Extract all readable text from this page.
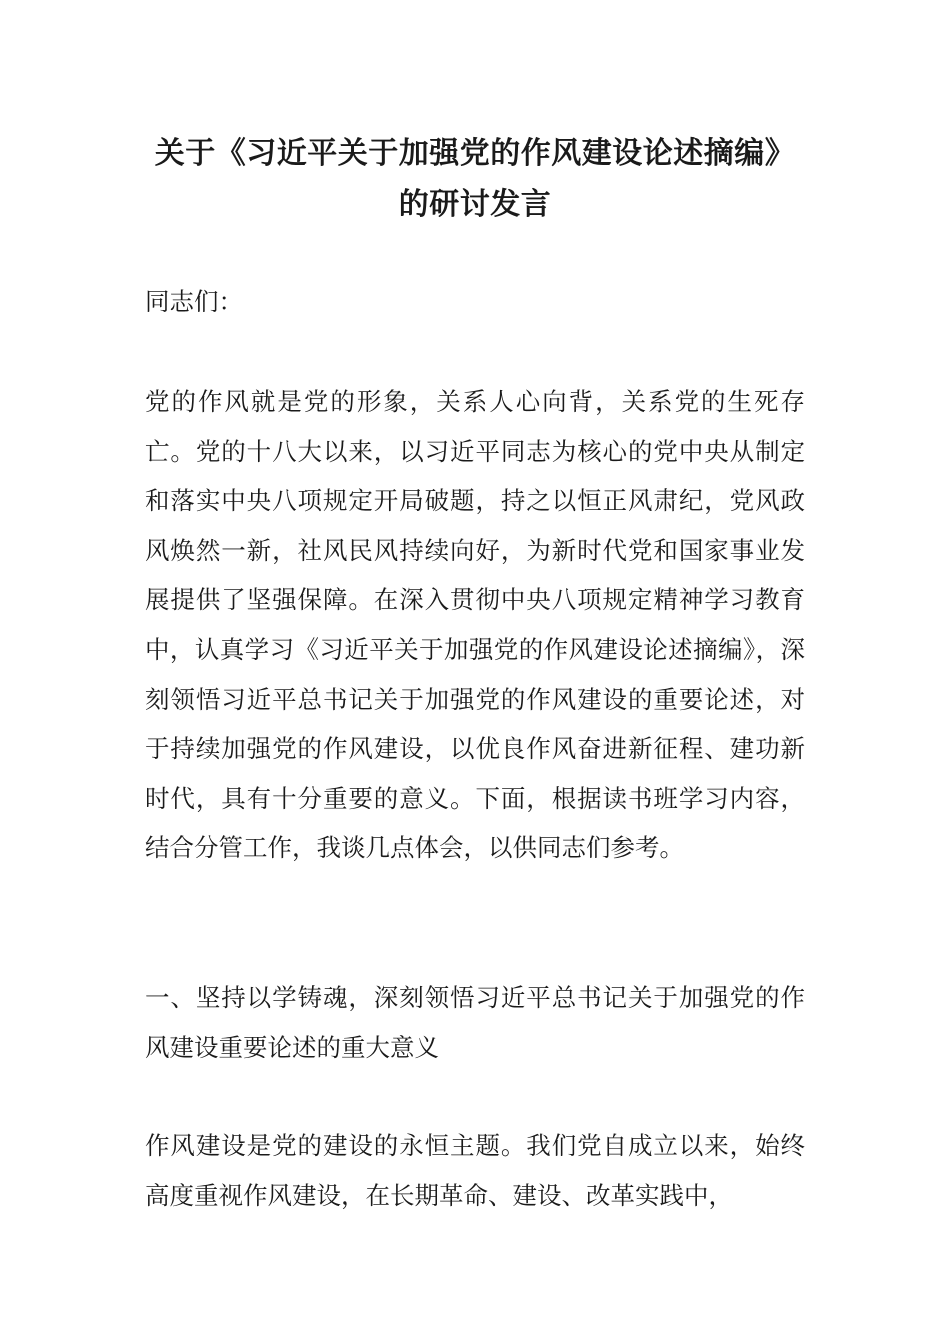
关于《习近平关于加强党的作风建设论述摘编》的研讨发言

同志们：

党的作风就是党的形象，关系人心向背，关系党的生死存亡。党的十八大以来，以习近平同志为核心的党中央从制定和落实中央八项规定开局破题，持之以恒正风肃纪，党风政风焕然一新，社风民风持续向好，为新时代党和国家事业发展提供了坚强保障。在深入贯彻中央八项规定精神学习教育中，认真学习《习近平关于加强党的作风建设论述摘编》，深刻领悟习近平总书记关于加强党的作风建设的重要论述，对于持续加强党的作风建设，以优良作风奋进新征程、建功新时代，具有十分重要的意义。下面，根据读书班学习内容，结合分管工作，我谈几点体会，以供同志们参考。

一、坚持以学铸魂，深刻领悟习近平总书记关于加强党的作风建设重要论述的重大意义

作风建设是党的建设的永恒主题。我们党自成立以来，始终高度重视作风建设，在长期革命、建设、改革实践中，
